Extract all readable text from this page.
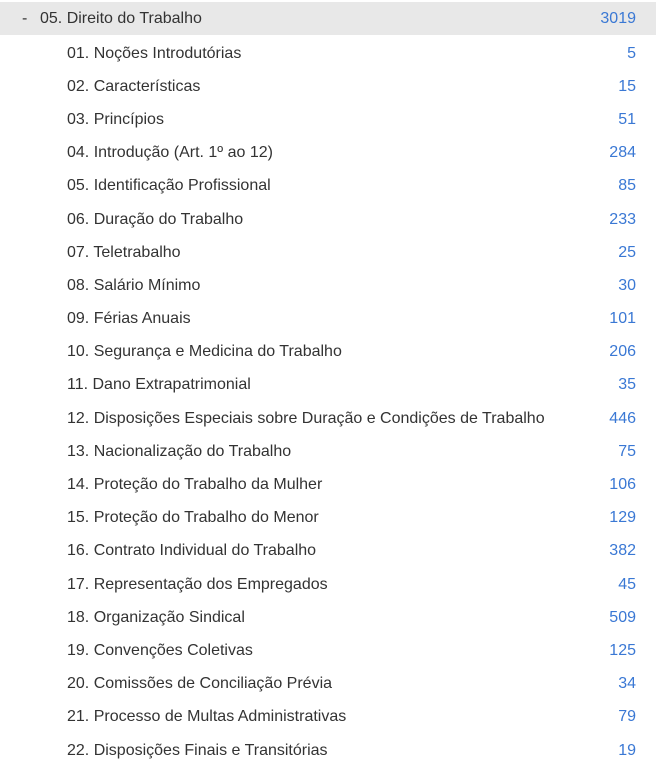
- 05. Direito do Trabalho	3019
01. Noções Introdutórias	5
02. Características	15
03. Princípios	51
04. Introdução (Art. 1º ao 12)	284
05. Identificação Profissional	85
06. Duração do Trabalho	233
07. Teletrabalho	25
08. Salário Mínimo	30
09. Férias Anuais	101
10. Segurança e Medicina do Trabalho	206
11. Dano Extrapatrimonial	35
12. Disposições Especiais sobre Duração e Condições de Trabalho	446
13. Nacionalização do Trabalho	75
14. Proteção do Trabalho da Mulher	106
15. Proteção do Trabalho do Menor	129
16. Contrato Individual do Trabalho	382
17. Representação dos Empregados	45
18. Organização Sindical	509
19. Convenções Coletivas	125
20. Comissões de Conciliação Prévia	34
21. Processo de Multas Administrativas	79
22. Disposições Finais e Transitórias	19
